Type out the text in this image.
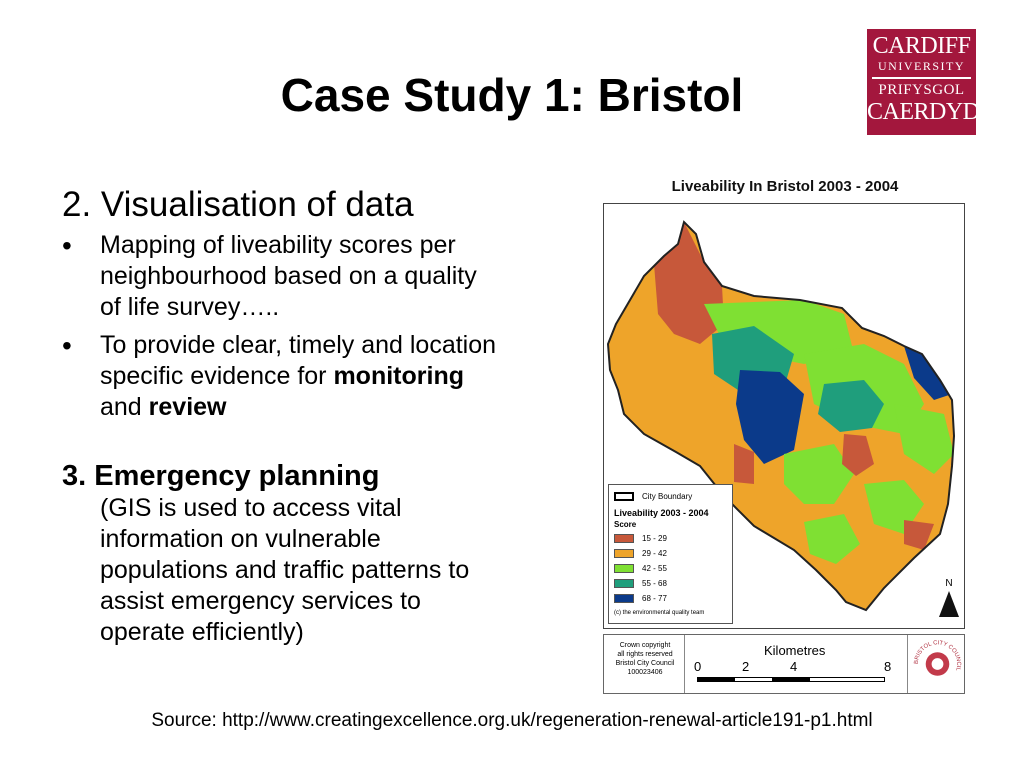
Case Study 1: Bristol
CARDIFF
UNIVERSITY
PRIFYSGOL
CAERDYD

2. Visualisation of data

• Mapping of liveability scores per neighbourhood based on a quality of life survey…..
• To provide clear, timely and location specific evidence for monitoring and review

3. Emergency planning

(GIS is used to access vital information on vulnerable populations and traffic patterns to assist emergency services to operate efficiently)

Liveability In Bristol 2003 - 2004
City Boundary
Liveability 2003 - 2004
Score
15 - 29
29 - 42
42 - 55
55 - 68
68 - 77
(c) the environmental quality team
N
Crown copyright
all rights reserved
Bristol City Council
100023406
Kilometres
0	2	4	8	BRISTOL CITY COUNCIL
Source: http://www.creatingexcellence.org.uk/regeneration-renewal-article191-p1.html
